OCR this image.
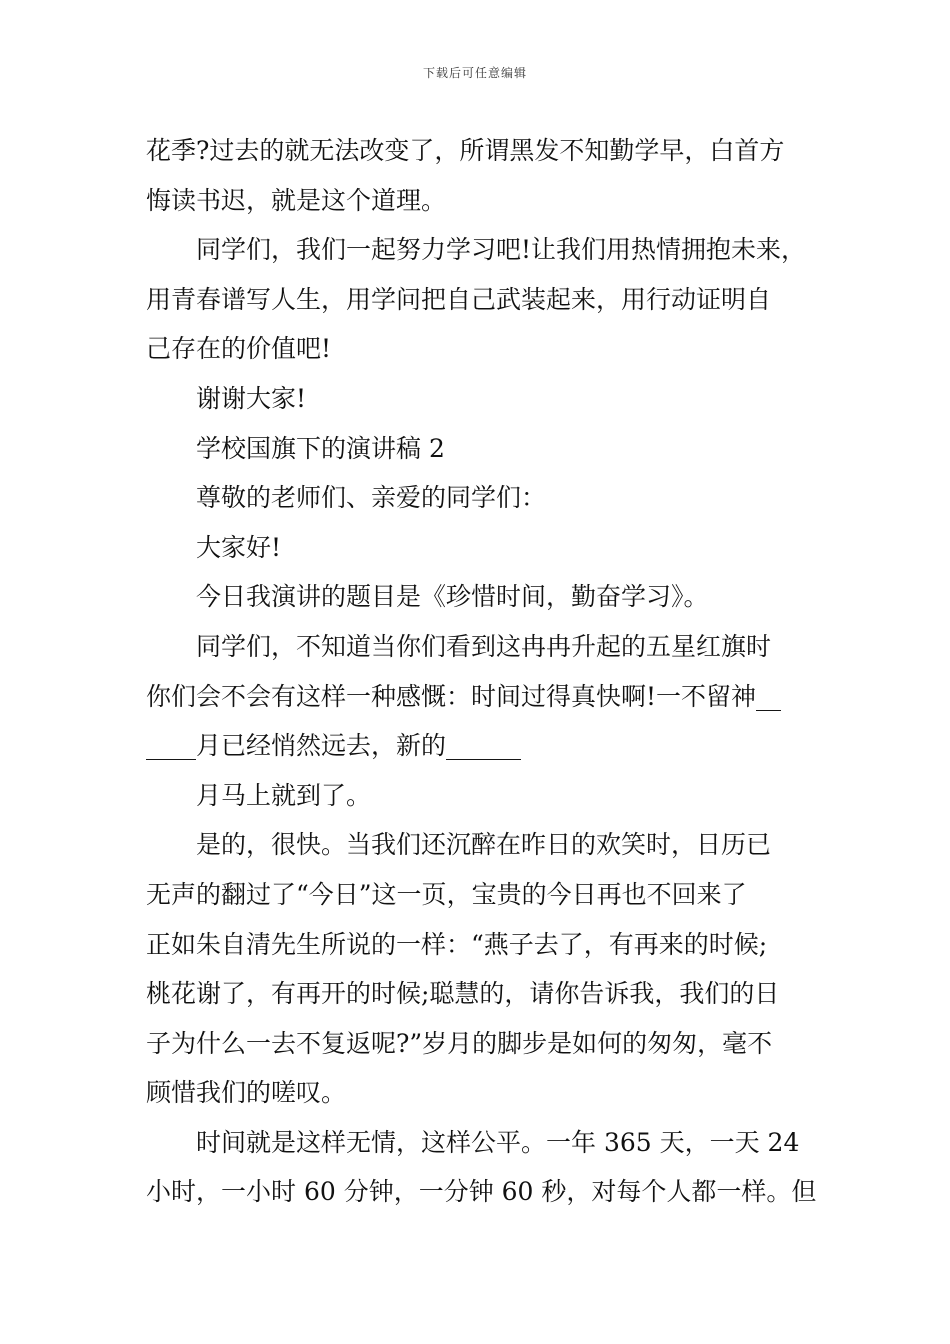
下载后可任意编辑
花季?过去的就无法改变了，所谓黑发不知勤学早，白首方
悔读书迟，就是这个道理。
同学们，我们一起努力学习吧!让我们用热情拥抱未来，
用青春谱写人生，用学问把自己武装起来，用行动证明自
己存在的价值吧!
谢谢大家!
学校国旗下的演讲稿 2
尊敬的老师们、亲爱的同学们：
大家好!
今日我演讲的题目是《珍惜时间，勤奋学习》。
同学们，不知道当你们看到这冉冉升起的五星红旗时
你们会不会有这样一种感慨：时间过得真快啊!一不留神__
____月已经悄然远去，新的______
月马上就到了。
是的，很快。当我们还沉醉在昨日的欢笑时，日历已
无声的翻过了“今日”这一页，宝贵的今日再也不回来了
正如朱自清先生所说的一样：“燕子去了，有再来的时候;
桃花谢了，有再开的时候;聪慧的，请你告诉我，我们的日
子为什么一去不复返呢?”岁月的脚步是如何的匆匆，毫不
顾惜我们的嗟叹。
时间就是这样无情，这样公平。一年 365 天，一天 24
小时，一小时 60 分钟，一分钟 60 秒，对每个人都一样。但
